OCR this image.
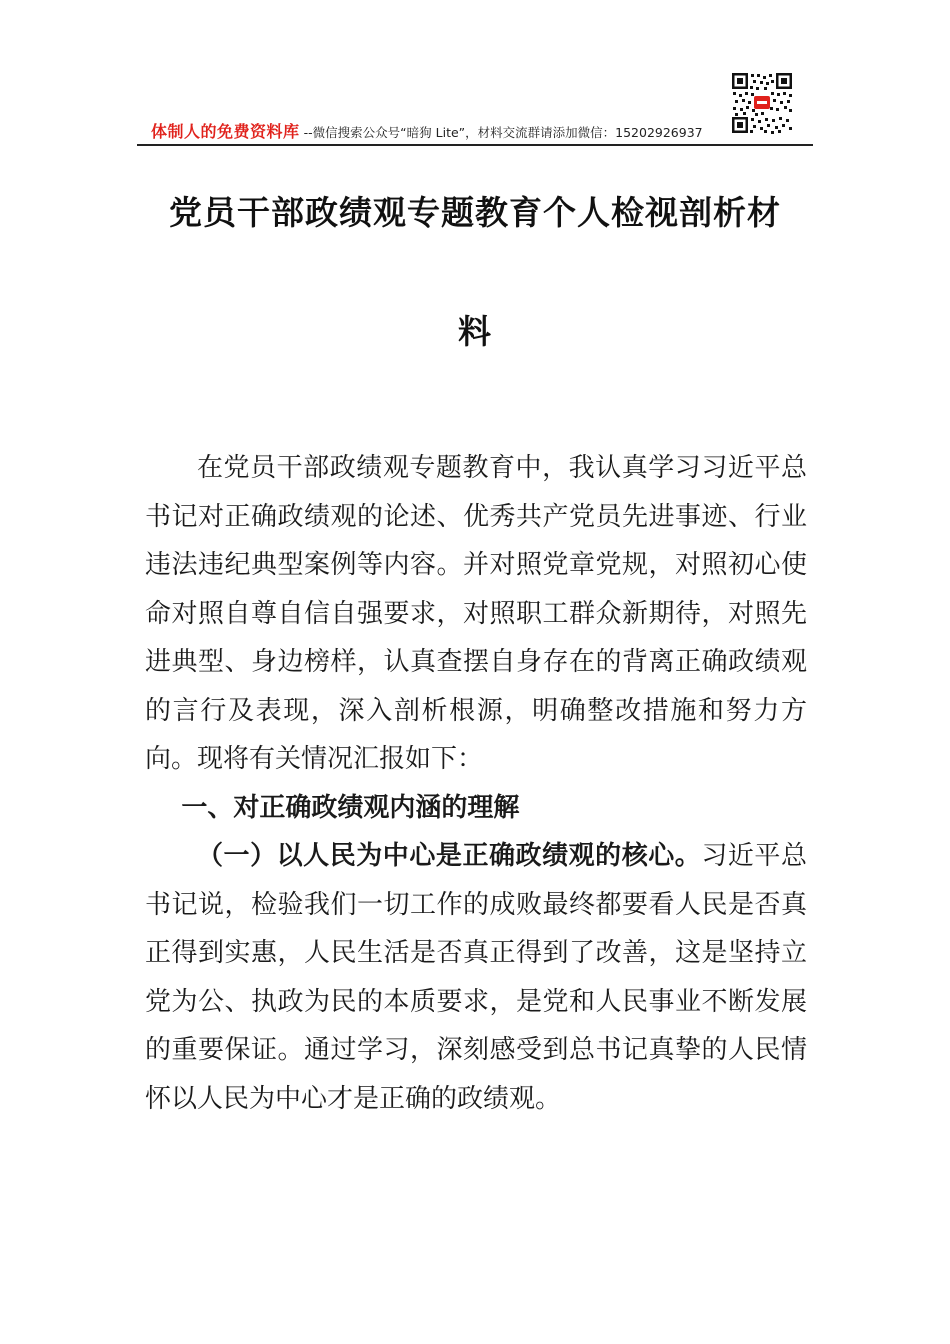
体制人的免费资料库 --微信搜索公众号“暗狗 Lite”，材料交流群请添加微信：15202926937
党员干部政绩观专题教育个人检视剖析材
料

在党员干部政绩观专题教育中，我认真学习习近平总书记对正确政绩观的论述、优秀共产党员先进事迹、行业违法违纪典型案例等内容。并对照党章党规，对照初心使命对照自尊自信自强要求，对照职工群众新期待，对照先进典型、身边榜样，认真查摆自身存在的背离正确政绩观的言行及表现，深入剖析根源，明确整改措施和努力方向。现将有关情况汇报如下：

一、对正确政绩观内涵的理解

（一）以人民为中心是正确政绩观的核心。习近平总书记说，检验我们一切工作的成败最终都要看人民是否真正得到实惠，人民生活是否真正得到了改善，这是坚持立党为公、执政为民的本质要求，是党和人民事业不断发展的重要保证。通过学习，深刻感受到总书记真挚的人民情怀以人民为中心才是正确的政绩观。
